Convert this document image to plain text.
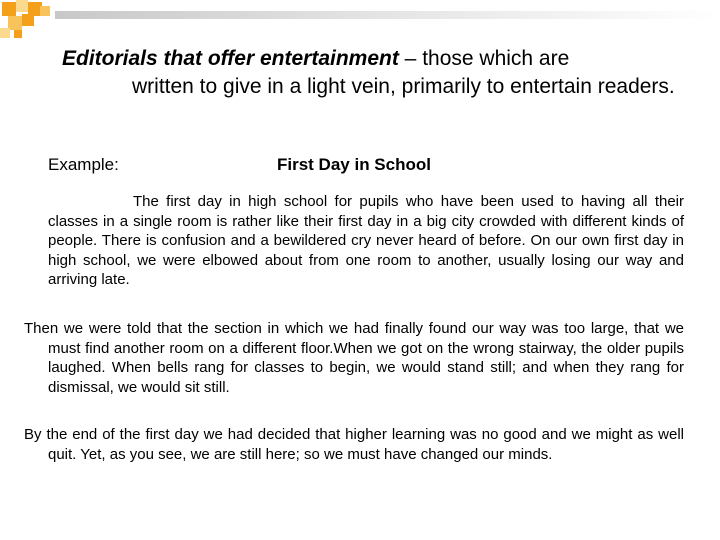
Editorials that offer entertainment – those which are
written to give in a light vein, primarily to entertain readers.
Example:	First Day in School

The first day in high school for pupils who have been used to having all their classes in a single room is rather like their first day in a big city crowded with different kinds of people. There is confusion and a bewildered cry never heard of before. On our own first day in high school, we were elbowed about from one room to another, usually losing our way and arriving late.

Then we were told that the section in which we had finally found our way was too large, that we must find another room on a different floor.When we got on the wrong stairway, the older pupils laughed. When bells rang for classes to begin, we would stand still; and when they rang for dismissal, we would sit still.

By the end of the first day we had decided that higher learning was no good and we might as well quit. Yet, as you see, we are still here; so we must have changed our minds.
